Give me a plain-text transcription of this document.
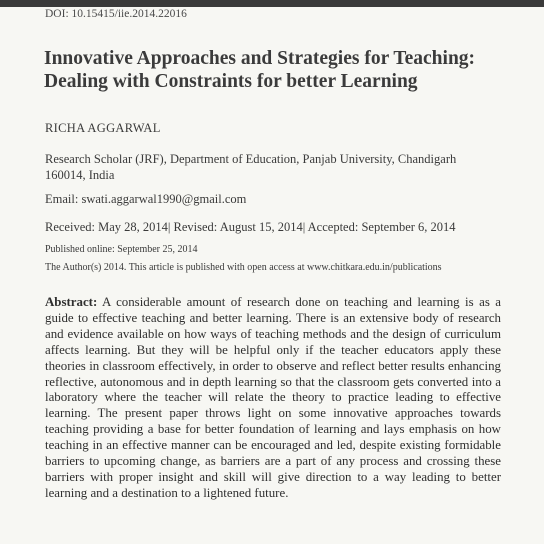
DOI: 10.15415/iie.2014.22016
Innovative Approaches and Strategies for Teaching: Dealing with Constraints for better Learning
RICHA AGGARWAL
Research Scholar (JRF), Department of Education, Panjab University, Chandigarh 160014, India
Email: swati.aggarwal1990@gmail.com
Received: May 28, 2014| Revised: August 15, 2014| Accepted: September 6, 2014
Published online: September 25, 2014
The Author(s) 2014. This article is published with open access at www.chitkara.edu.in/publications
Abstract: A considerable amount of research done on teaching and learning is as a guide to effective teaching and better learning. There is an extensive body of research and evidence available on how ways of teaching methods and the design of curriculum affects learning. But they will be helpful only if the teacher educators apply these theories in classroom effectively, in order to observe and reflect better results enhancing reflective, autonomous and in depth learning so that the classroom gets converted into a laboratory where the teacher will relate the theory to practice leading to effective learning. The present paper throws light on some innovative approaches towards teaching providing a base for better foundation of learning and lays emphasis on how teaching in an effective manner can be encouraged and led, despite existing formidable barriers to upcoming change, as barriers are a part of any process and crossing these barriers with proper insight and skill will give direction to a way leading to better learning and a destination to a lightened future.
